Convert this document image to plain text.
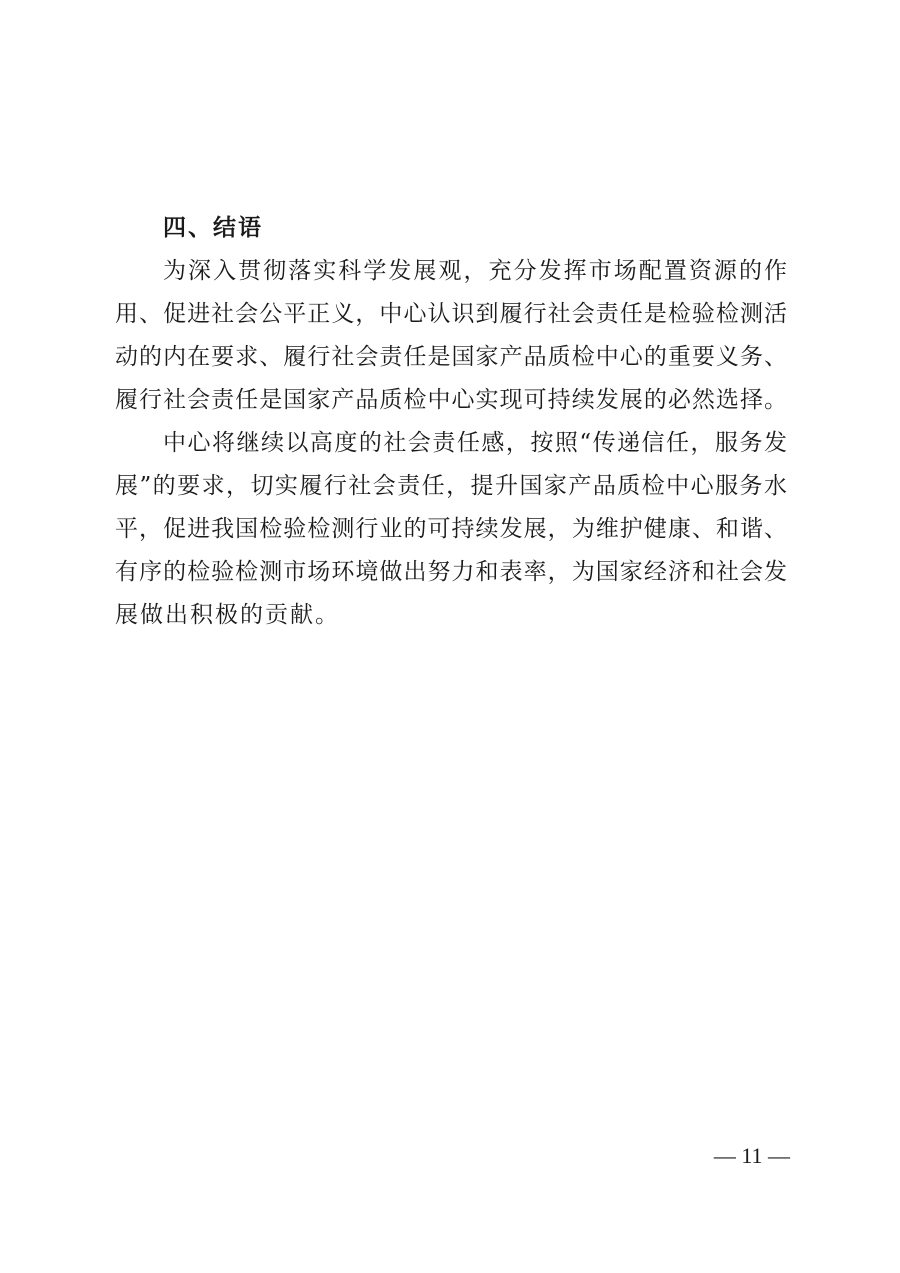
四、结语
为深入贯彻落实科学发展观，充分发挥市场配置资源的作
用、促进社会公平正义，中心认识到履行社会责任是检验检测活
动的内在要求、履行社会责任是国家产品质检中心的重要义务、
履行社会责任是国家产品质检中心实现可持续发展的必然选择。
中心将继续以高度的社会责任感，按照“传递信任，服务发
展”的要求，切实履行社会责任，提升国家产品质检中心服务水
平，促进我国检验检测行业的可持续发展，为维护健康、和谐、
有序的检验检测市场环境做出努力和表率，为国家经济和社会发
展做出积极的贡献。
— 11 —
